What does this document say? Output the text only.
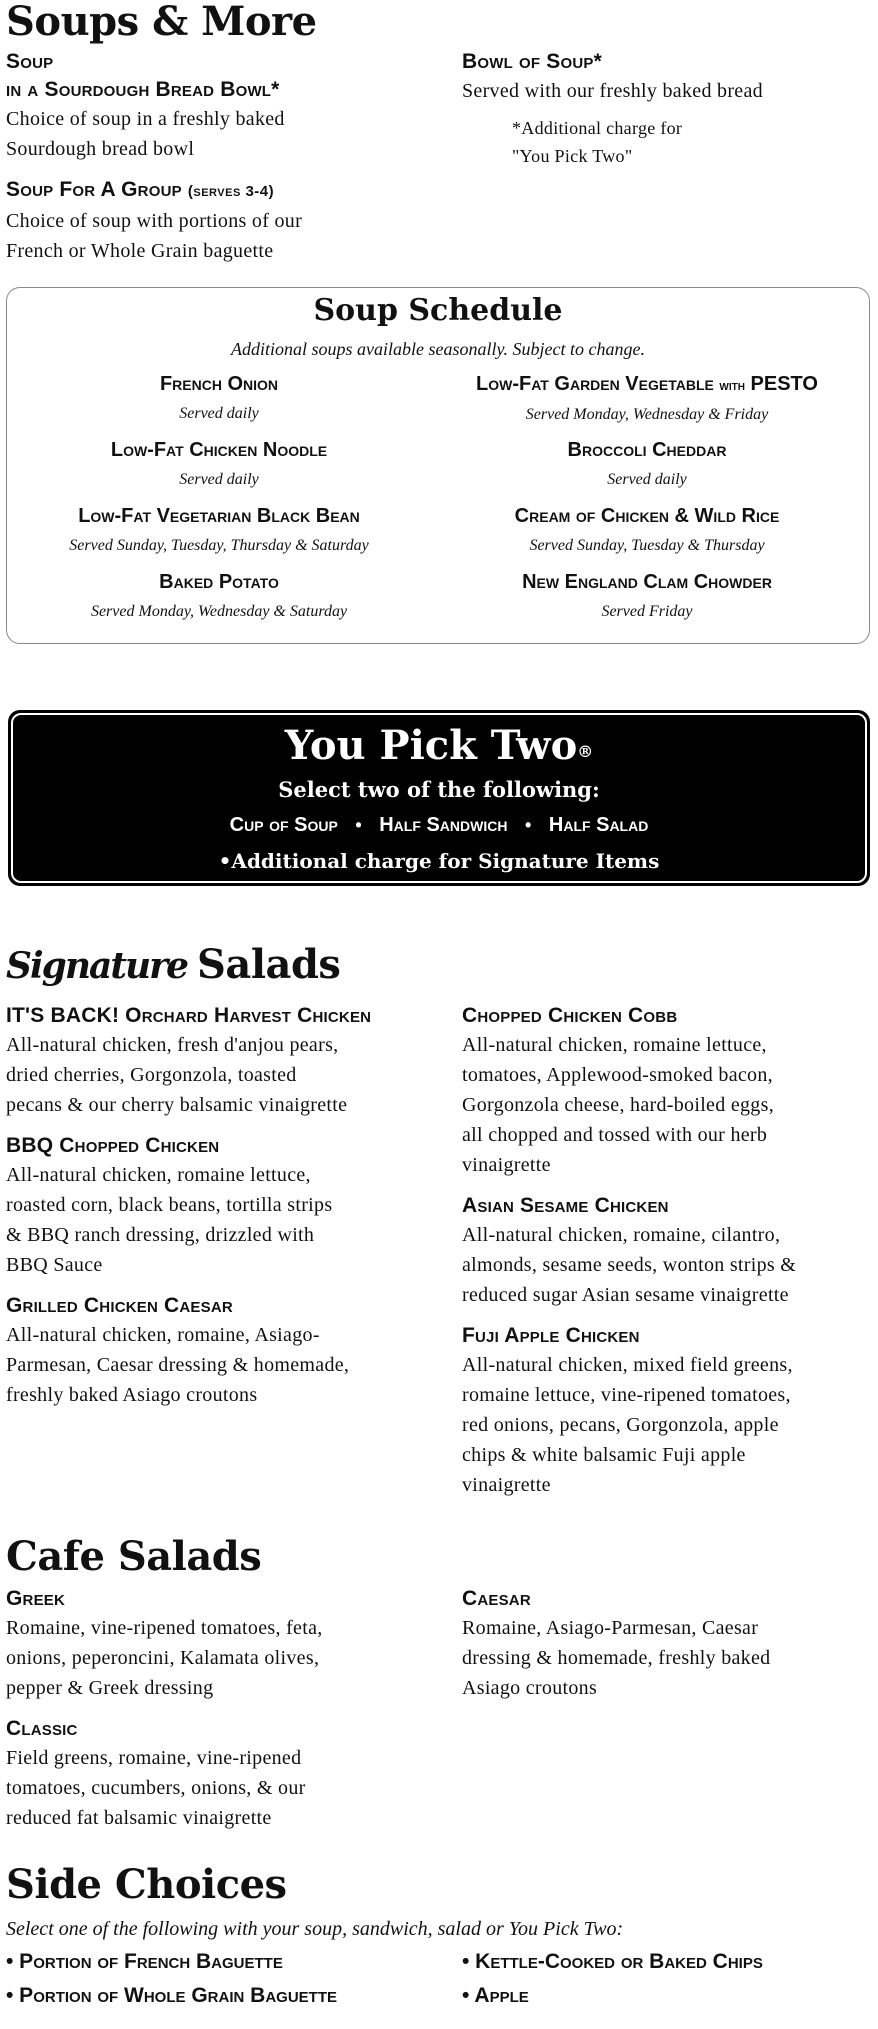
Soups & More
Soup
in a Sourdough Bread Bowl*
Choice of soup in a freshly baked
Sourdough bread bowl
Soup For A Group (serves 3-4)
Choice of soup with portions of our
French or Whole Grain baguette
Bowl of Soup*
Served with our freshly baked bread
*Additional charge for
"You Pick Two"
Soup Schedule
Additional soups available seasonally. Subject to change.
French Onion
Served daily
Low-Fat Chicken Noodle
Served daily
Low-Fat Vegetarian Black Bean
Served Sunday, Tuesday, Thursday & Saturday
Baked Potato
Served Monday, Wednesday & Saturday
Low-Fat Garden Vegetable with PESTO
Served Monday, Wednesday & Friday
Broccoli Cheddar
Served daily
Cream of Chicken & Wild Rice
Served Sunday, Tuesday & Thursday
New England Clam Chowder
Served Friday
You Pick Two®
Select two of the following:
Cup of Soup • Half Sandwich • Half Salad
•Additional charge for Signature Items
Signature Salads
IT'S BACK! Orchard Harvest Chicken
All-natural chicken, fresh d'anjou pears,
dried cherries, Gorgonzola, toasted
pecans & our cherry balsamic vinaigrette
BBQ Chopped Chicken
All-natural chicken, romaine lettuce,
roasted corn, black beans, tortilla strips
& BBQ ranch dressing, drizzled with
BBQ Sauce
Grilled Chicken Caesar
All-natural chicken, romaine, Asiago-
Parmesan, Caesar dressing & homemade,
freshly baked Asiago croutons
Chopped Chicken Cobb
All-natural chicken, romaine lettuce,
tomatoes, Applewood-smoked bacon,
Gorgonzola cheese, hard-boiled eggs,
all chopped and tossed with our herb
vinaigrette
Asian Sesame Chicken
All-natural chicken, romaine, cilantro,
almonds, sesame seeds, wonton strips &
reduced sugar Asian sesame vinaigrette
Fuji Apple Chicken
All-natural chicken, mixed field greens,
romaine lettuce, vine-ripened tomatoes,
red onions, pecans, Gorgonzola, apple
chips & white balsamic Fuji apple
vinaigrette
Cafe Salads
Greek
Romaine, vine-ripened tomatoes, feta,
onions, peperoncini, Kalamata olives,
pepper & Greek dressing
Classic
Field greens, romaine, vine-ripened
tomatoes, cucumbers, onions, & our
reduced fat balsamic vinaigrette
Caesar
Romaine, Asiago-Parmesan, Caesar
dressing & homemade, freshly baked
Asiago croutons
Side Choices
Select one of the following with your soup, sandwich, salad or You Pick Two:
• Portion of French Baguette
• Portion of Whole Grain Baguette
• Kettle-Cooked or Baked Chips
• Apple
